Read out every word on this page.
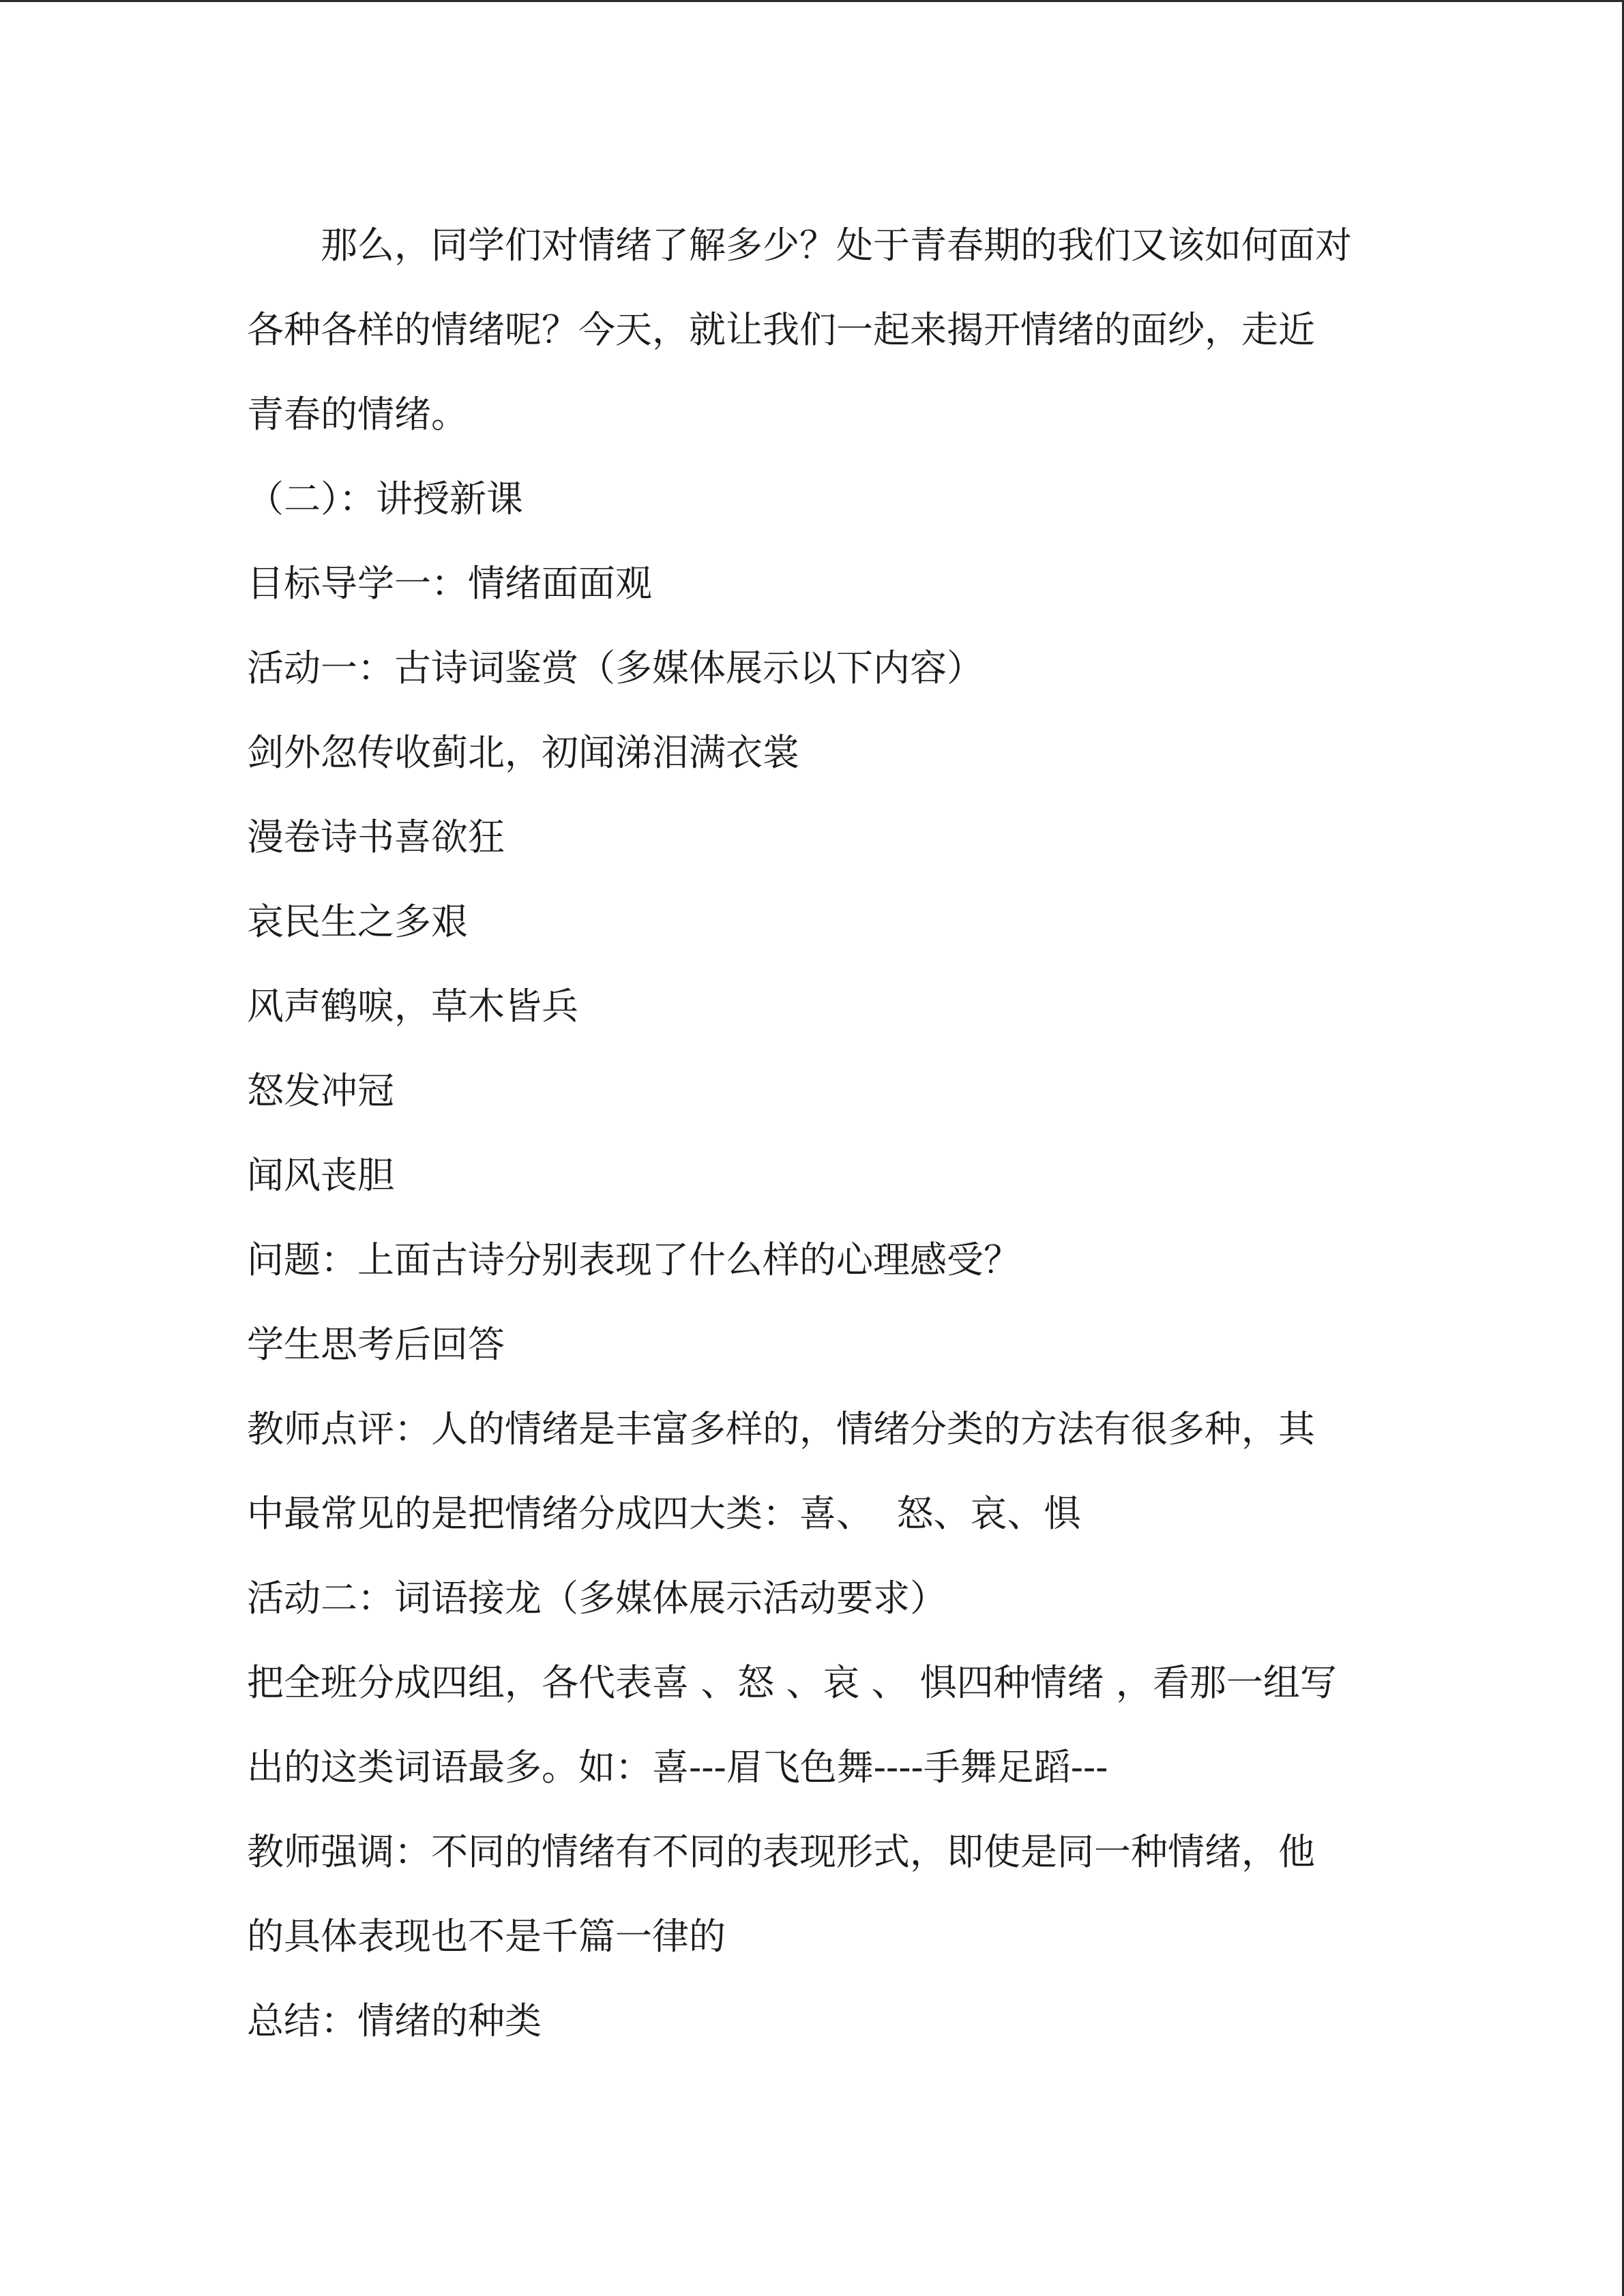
那么，同学们对情绪了解多少？处于青春期的我们又该如何面对
各种各样的情绪呢？今天，就让我们一起来揭开情绪的面纱，走近
青春的情绪。
（二）：讲授新课
目标导学一：情绪面面观
活动一：古诗词鉴赏（多媒体展示以下内容）
剑外忽传收蓟北，初闻涕泪满衣裳
漫卷诗书喜欲狂
哀民生之多艰
风声鹤唳，草木皆兵
怒发冲冠
闻风丧胆
问题：上面古诗分别表现了什么样的心理感受？
学生思考后回答
教师点评：人的情绪是丰富多样的，情绪分类的方法有很多种，其
中最常见的是把情绪分成四大类：喜、  怒、哀、惧
活动二：词语接龙（多媒体展示活动要求）
把全班分成四组，各代表喜 、怒 、哀 、 惧四种情绪 ，看那一组写
出的这类词语最多。如：喜---眉飞色舞----手舞足蹈---
教师强调：不同的情绪有不同的表现形式，即使是同一种情绪，他
的具体表现也不是千篇一律的
总结：情绪的种类
